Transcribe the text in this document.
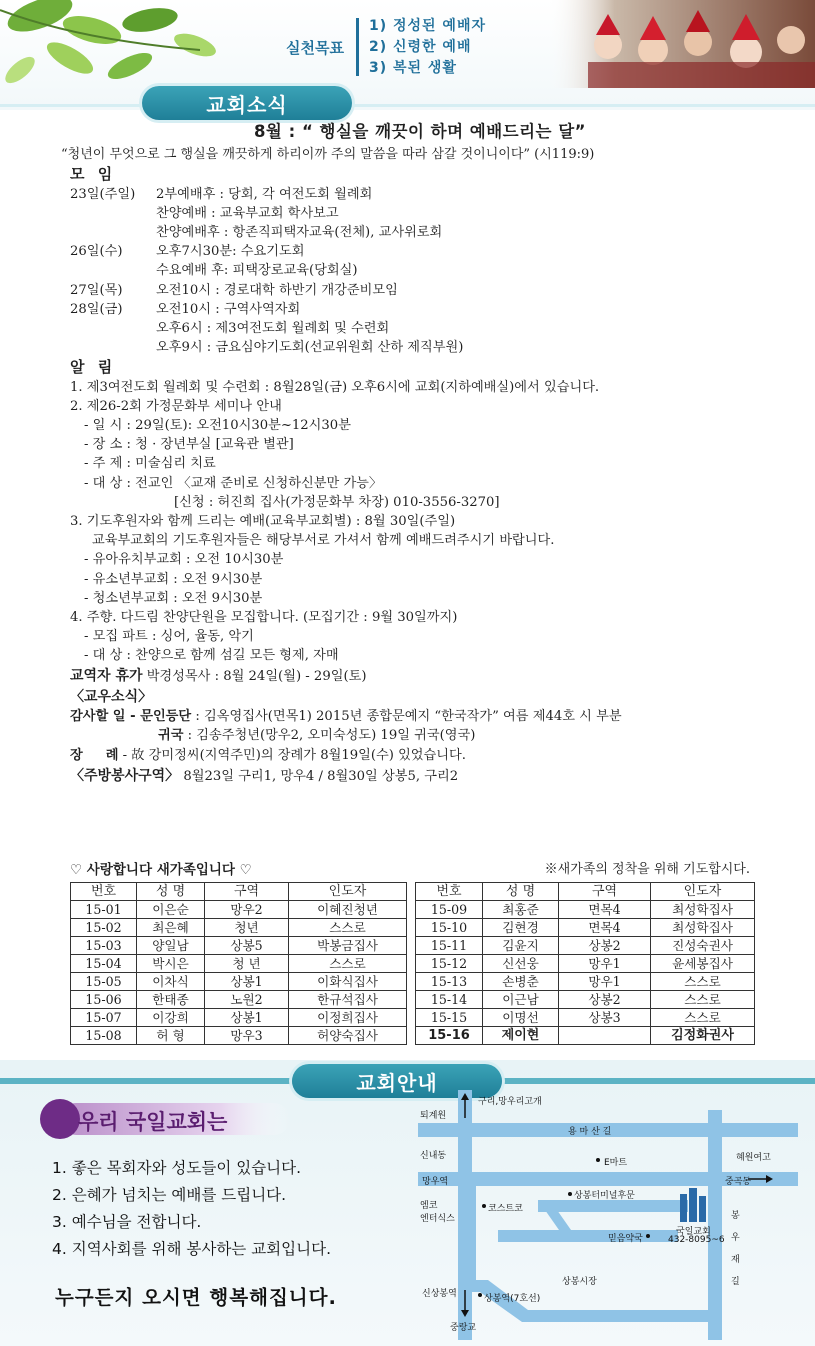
실천목표
1) 정성된 예배자
2) 신령한 예배
3) 복된 생활
교회소식
8월 : “ 행실을 깨끗이 하며 예배드리는 달”
“청년이 무엇으로 그 행실을 깨끗하게 하리이까 주의 말씀을 따라 삼갈 것이니이다” (시119:9)
모 임
23일(주일)	2부예배후 : 당회, 각 여전도회 월례회
찬양예배 : 교육부교회 학사보고
찬양예배후 : 항존직피택자교육(전체), 교사위로회
26일(수)	오후7시30분: 수요기도회
수요예배 후: 피택장로교육(당회실)
27일(목)	오전10시 : 경로대학 하반기 개강준비모임
28일(금)	오전10시 : 구역사역자회
오후6시 : 제3여전도회 월례회 및 수련회
오후9시 : 금요심야기도회(선교위원회 산하 제직부원)
알 림
1. 제3여전도회 월례회 및 수련회 : 8월28일(금) 오후6시에 교회(지하예배실)에서 있습니다.
2. 제26-2회 가정문화부 세미나 안내
- 일 시 : 29일(토): 오전10시30분~12시30분
- 장 소 : 청 · 장년부실 [교육관 별관]
- 주 제 : 미술심리 치료
- 대 상 : 전교인 〈교재 준비로 신청하신분만 가능〉
[신청 : 허진희 집사(가정문화부 차장) 010-3556-3270]
3. 기도후원자와 함께 드리는 예배(교육부교회별) : 8월 30일(주일)
교육부교회의 기도후원자들은 해당부서로 가셔서 함께 예배드려주시기 바랍니다.
- 유아유치부교회 : 오전 10시30분
- 유소년부교회 : 오전 9시30분
- 청소년부교회 : 오전 9시30분
4. 주향. 다드림 찬양단원을 모집합니다. (모집기간 : 9월 30일까지)
- 모집 파트 : 싱어, 율동, 악기
- 대 상 : 찬양으로 함께 섬길 모든 형제, 자매
교역자 휴가 박경성목사 : 8월 24일(월) - 29일(토)
〈교우소식〉
감사할 일 - 문인등단 : 김옥영집사(면목1) 2015년 종합문예지 “한국작가” 여름 제44호 시 부분
귀국 : 김송주청년(망우2, 오미숙성도) 19일 귀국(영국)
장     례 - 故 강미정씨(지역주민)의 장례가 8월19일(수) 있었습니다.
〈주방봉사구역〉 8월23일 구리1, 망우4 / 8월30일 상봉5, 구리2
♡ 사랑합니다 새가족입니다 ♡	※새가족의 정착을 위해 기도합시다.
번호	성 명	구역	인도자
15-01	이은순	망우2	이혜진청년
15-02	최은혜	청년	스스로
15-03	양일남	상봉5	박봉금집사
15-04	박시은	청 년	스스로
15-05	이차식	상봉1	이화식집사
15-06	한태종	노원2	한규석집사
15-07	이강희	상봉1	이정희집사
15-08	허 형	망우3	허양숙집사
번호	성 명	구역	인도자
15-09	최홍준	면목4	최성학집사
15-10	김현경	면목4	최성학집사
15-11	김윤지	상봉2	진성숙권사
15-12	신선웅	망우1	윤세봉집사
15-13	손병춘	망우1	스스로
15-14	이근남	상봉2	스스로
15-15	이명선	상봉3	스스로
15-16	제이현		김정화권사
교회안내
우리 국일교회는
1. 좋은 목회자와 성도들이 있습니다.
2. 은혜가 넘치는 예배를 드립니다.
3. 예수님을 전합니다.
4. 지역사회를 위해 봉사하는 교회입니다.
누구든지 오시면 행복해집니다.
구리,망우리고개
퇴계원
신내동
용 마 산 길
E마트	혜원여고
망우역	중곡동
엠코
엔터식스
코스트코
상봉터미널후문
국일교회
432-8095~6
봉
우
재
길
믿음약국
상봉시장
신상봉역	상봉역(7호선)
중랑교
